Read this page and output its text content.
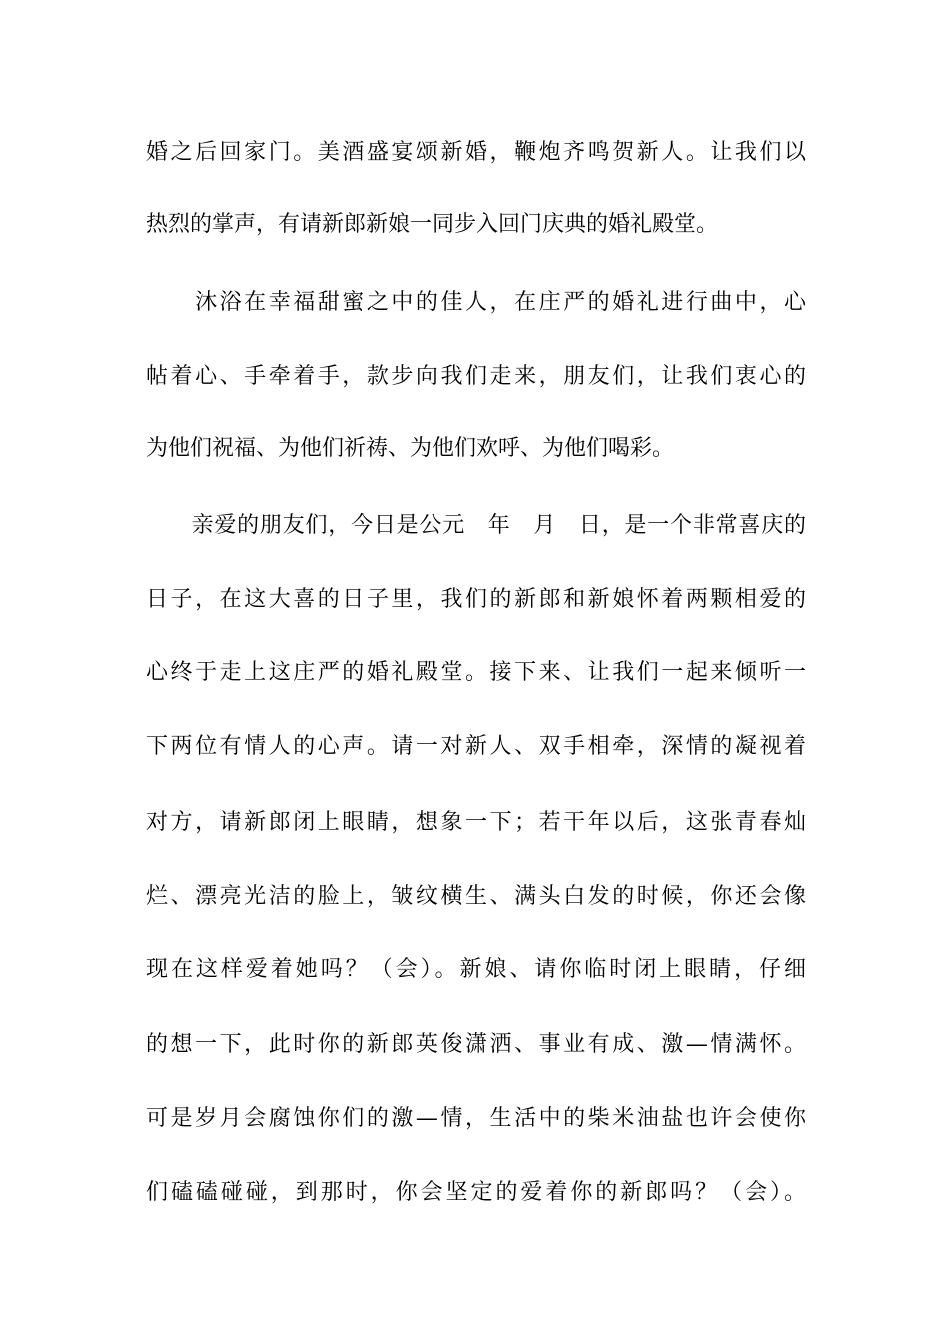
婚之后回家门。美酒盛宴颂新婚，鞭炮齐鸣贺新人。让我们以
热烈的掌声，有请新郎新娘一同步入回门庆典的婚礼殿堂。
　　沐浴在幸福甜蜜之中的佳人，在庄严的婚礼进行曲中，心
帖着心、手牵着手，款步向我们走来，朋友们，让我们衷心的
为他们祝福、为他们祈祷、为他们欢呼、为他们喝彩。
　　亲爱的朋友们，今日是公元　年　月　日，是一个非常喜庆的
日子，在这大喜的日子里，我们的新郎和新娘怀着两颗相爱的
心终于走上这庄严的婚礼殿堂。接下来、让我们一起来倾听一
下两位有情人的心声。请一对新人、双手相牵，深情的凝视着
对方，请新郎闭上眼睛，想象一下；若干年以后，这张青春灿
烂、漂亮光洁的脸上，皱纹横生、满头白发的时候，你还会像
现在这样爱着她吗？（会）。新娘、请你临时闭上眼睛，仔细
的想一下，此时你的新郎英俊潇洒、事业有成、激—情满怀。
可是岁月会腐蚀你们的激—情，生活中的柴米油盐也许会使你
们磕磕碰碰，到那时，你会坚定的爱着你的新郎吗？（会）。
